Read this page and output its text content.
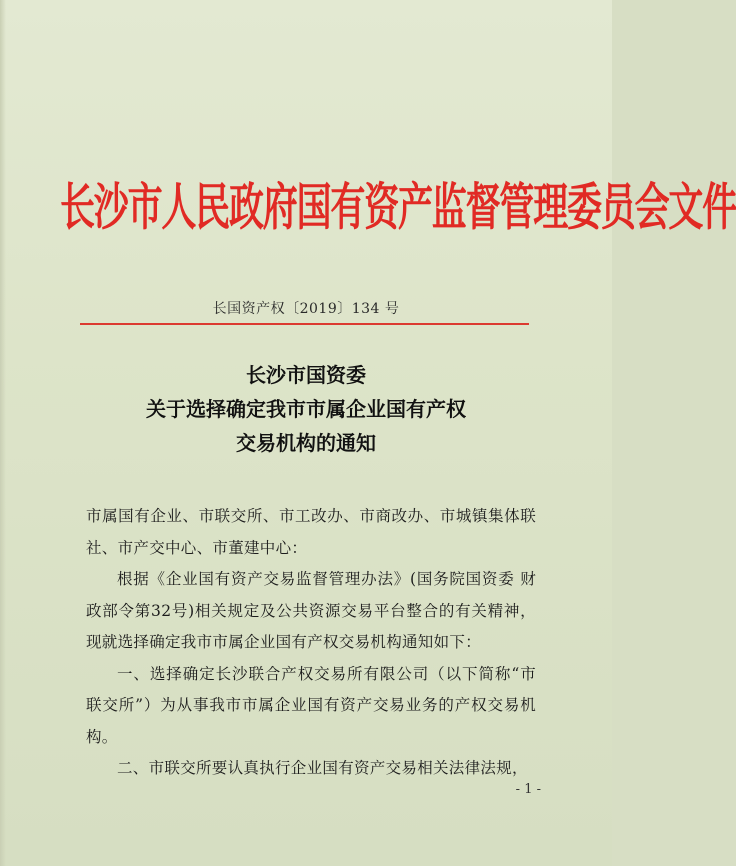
长沙市人民政府国有资产监督管理委员会文件
长国资产权〔2019〕134 号
长沙市国资委
关于选择确定我市市属企业国有产权
交易机构的通知

市属国有企业、市联交所、市工改办、市商改办、市城镇集体联社、市产交中心、市董建中心：

根据《企业国有资产交易监督管理办法》(国务院国资委 财政部令第32号)相关规定及公共资源交易平台整合的有关精神，现就选择确定我市市属企业国有产权交易机构通知如下：

一、选择确定长沙联合产权交易所有限公司（以下简称“市联交所”）为从事我市市属企业国有资产交易业务的产权交易机构。

二、市联交所要认真执行企业国有资产交易相关法律法规，

- 1 -
